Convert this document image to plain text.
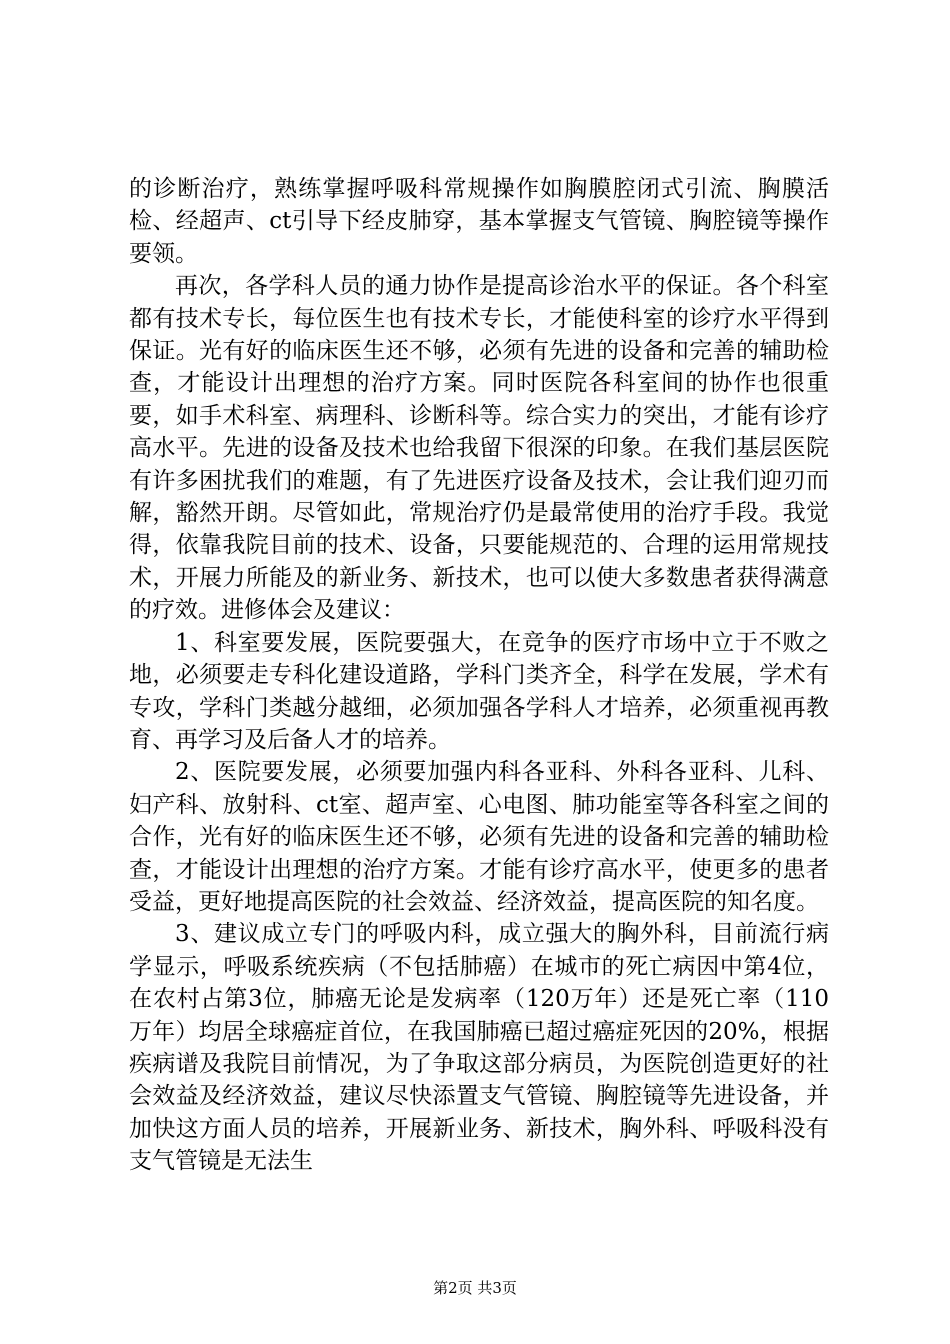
的诊断治疗，熟练掌握呼吸科常规操作如胸膜腔闭式引流、胸膜活检、经超声、ct引导下经皮肺穿，基本掌握支气管镜、胸腔镜等操作要领。

再次，各学科人员的通力协作是提高诊治水平的保证。各个科室都有技术专长，每位医生也有技术专长，才能使科室的诊疗水平得到保证。光有好的临床医生还不够，必须有先进的设备和完善的辅助检查，才能设计出理想的治疗方案。同时医院各科室间的协作也很重要，如手术科室、病理科、诊断科等。综合实力的突出，才能有诊疗高水平。先进的设备及技术也给我留下很深的印象。在我们基层医院有许多困扰我们的难题，有了先进医疗设备及技术，会让我们迎刃而解，豁然开朗。尽管如此，常规治疗仍是最常使用的治疗手段。我觉得，依靠我院目前的技术、设备，只要能规范的、合理的运用常规技术，开展力所能及的新业务、新技术，也可以使大多数患者获得满意的疗效。进修体会及建议：

1、科室要发展，医院要强大，在竞争的医疗市场中立于不败之地，必须要走专科化建设道路，学科门类齐全，科学在发展，学术有专攻，学科门类越分越细，必须加强各学科人才培养，必须重视再教育、再学习及后备人才的培养。

2、医院要发展，必须要加强内科各亚科、外科各亚科、儿科、妇产科、放射科、ct室、超声室、心电图、肺功能室等各科室之间的合作，光有好的临床医生还不够，必须有先进的设备和完善的辅助检查，才能设计出理想的治疗方案。才能有诊疗高水平，使更多的患者受益，更好地提高医院的社会效益、经济效益，提高医院的知名度。

3、建议成立专门的呼吸内科，成立强大的胸外科，目前流行病学显示，呼吸系统疾病（不包括肺癌）在城市的死亡病因中第4位，在农村占第3位，肺癌无论是发病率（120万年）还是死亡率（110万年）均居全球癌症首位，在我国肺癌已超过癌症死因的20%，根据疾病谱及我院目前情况，为了争取这部分病员，为医院创造更好的社会效益及经济效益，建议尽快添置支气管镜、胸腔镜等先进设备，并加快这方面人员的培养，开展新业务、新技术，胸外科、呼吸科没有支气管镜是无法生

第2页 共3页
